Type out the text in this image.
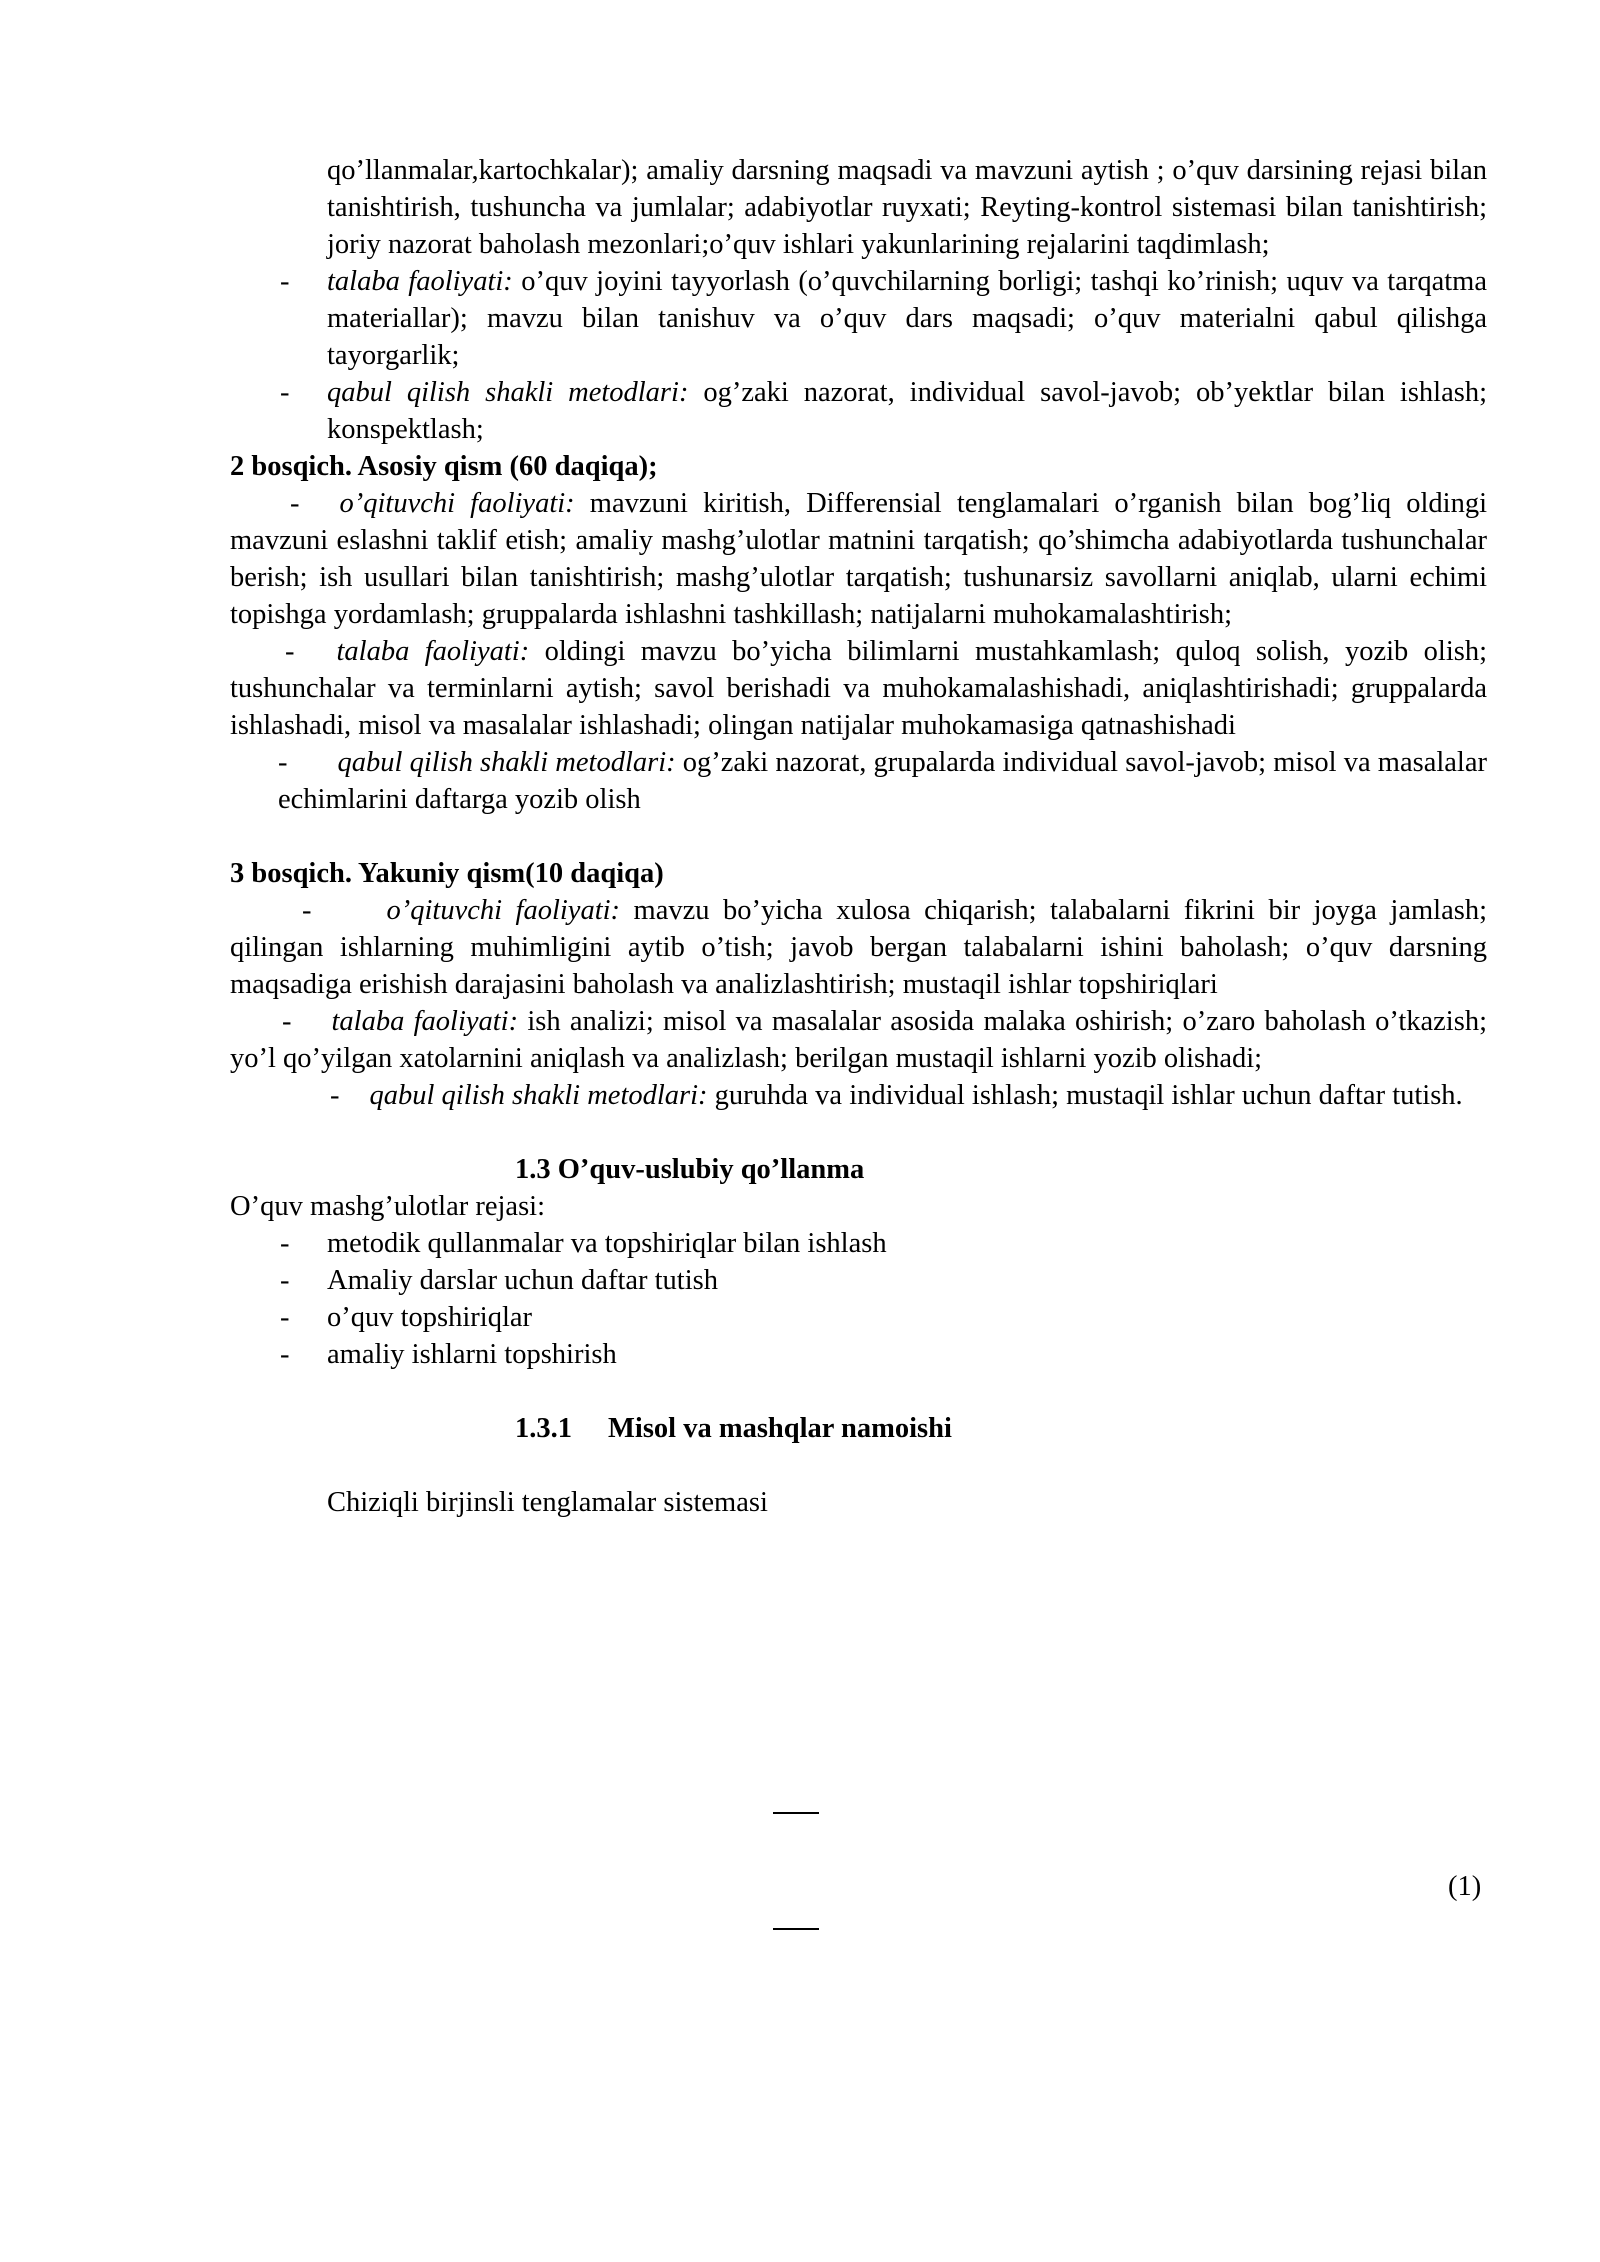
qo’llanmalar,kartochkalar); amaliy darsning maqsadi va mavzuni aytish ; o’quv darsining rejasi bilan tanishtirish, tushuncha va jumlalar; adabiyotlar ruyxati; Reyting-kontrol sistemasi bilan tanishtirish; joriy nazorat baholash mezonlari;o’quv ishlari yakunlarining rejalarini taqdimlash;

- talaba faoliyati: o’quv joyini tayyorlash (o’quvchilarning borligi; tashqi ko’rinish; uquv va tarqatma materiallar); mavzu bilan tanishuv va o’quv dars maqsadi; o’quv materialni qabul qilishga tayorgarlik;

- qabul qilish shakli metodlari: og’zaki nazorat, individual savol-javob; ob’yektlar bilan ishlash; konspektlash;

2 bosqich. Asosiy qism (60 daqiqa);

- o’qituvchi faoliyati: mavzuni kiritish, Differensial tenglamalari o’rganish bilan bog’liq oldingi mavzuni eslashni taklif etish; amaliy mashg’ulotlar matnini tarqatish; qo’shimcha adabiyotlarda tushunchalar berish; ish usullari bilan tanishtirish; mashg’ulotlar tarqatish; tushunarsiz savollarni aniqlab, ularni echimi topishga yordamlash; gruppalarda ishlashni tashkillash; natijalarni muhokamalashtirish;

- talaba faoliyati: oldingi mavzu bo’yicha bilimlarni mustahkamlash; quloq solish, yozib olish; tushunchalar va terminlarni aytish; savol berishadi va muhokamalashishadi, aniqlashtirishadi; gruppalarda ishlashadi, misol va masalalar ishlashadi; olingan natijalar muhokamasiga qatnashishadi

- qabul qilish shakli metodlari: og’zaki nazorat, grupalarda individual savol-javob; misol va masalalar echimlarini daftarga yozib olish

3 bosqich. Yakuniy qism(10 daqiqa)

-	o’qituvchi faoliyati: mavzu bo’yicha xulosa chiqarish; talabalarni fikrini bir joyga jamlash; qilingan ishlarning muhimligini aytib o’tish; javob bergan talabalarni ishini baholash; o’quv darsning maqsadiga erishish darajasini baholash va analizlashtirish; mustaqil ishlar topshiriqlari

- talaba faoliyati: ish analizi; misol va masalalar asosida malaka oshirish; o’zaro baholash o’tkazish; yo’l qo’yilgan xatolarnini aniqlash va analizlash; berilgan mustaqil ishlarni yozib olishadi;

- qabul qilish shakli metodlari: guruhda va individual ishlash; mustaqil ishlar uchun daftar tutish.

1.3 O’quv-uslubiy qo’llanma

O’quv mashg’ulotlar rejasi:

- metodik qullanmalar va topshiriqlar bilan ishlash

- Amaliy darslar uchun daftar tutish

- o’quv topshiriqlar

- amaliy ishlarni topshirish

1.3.1 Misol va mashqlar namoishi

Chiziqli birjinsli tenglamalar sistemasi

(1)
